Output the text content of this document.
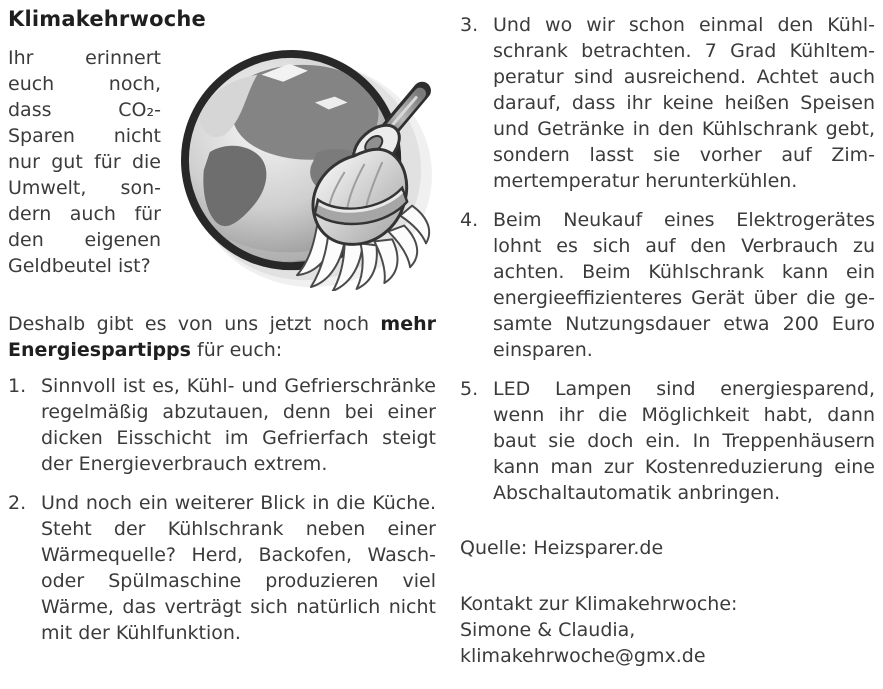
Klimakehrwoche

Ihr erinnert euch noch, dass CO₂-Sparen nicht nur gut für die Umwelt, sondern auch für den eigenen Geldbeutel ist?

Deshalb gibt es von uns jetzt noch mehr Energiespartipps für euch:

1. Sinnvoll ist es, Kühl- und Gefrierschränke regelmäßig abzutauen, denn bei einer dicken Eisschicht im Gefrierfach steigt der Energieverbrauch extrem.
2. Und noch ein weiterer Blick in die Küche. Steht der Kühlschrank neben einer Wärmequelle? Herd, Backofen, Wasch- oder Spülmaschine produzieren viel Wärme, das verträgt sich natürlich nicht mit der Kühlfunktion.
3. Und wo wir schon einmal den Kühlschrank betrachten. 7 Grad Kühltemperatur sind ausreichend. Achtet auch darauf, dass ihr keine heißen Speisen und Getränke in den Kühlschrank gebt, sondern lasst sie vorher auf Zimmertemperatur herunterkühlen.
4. Beim Neukauf eines Elektrogerätes lohnt es sich auf den Verbrauch zu achten. Beim Kühlschrank kann ein energieeffizienteres Gerät über die gesamte Nutzungsdauer etwa 200 Euro einsparen.
5. LED Lampen sind energiesparend, wenn ihr die Möglichkeit habt, dann baut sie doch ein. In Treppenhäusern kann man zur Kostenreduzierung eine Abschaltautomatik anbringen.

Quelle: Heizsparer.de

Kontakt zur Klimakehrwoche:
Simone & Claudia,
klimakehrwoche@gmx.de
